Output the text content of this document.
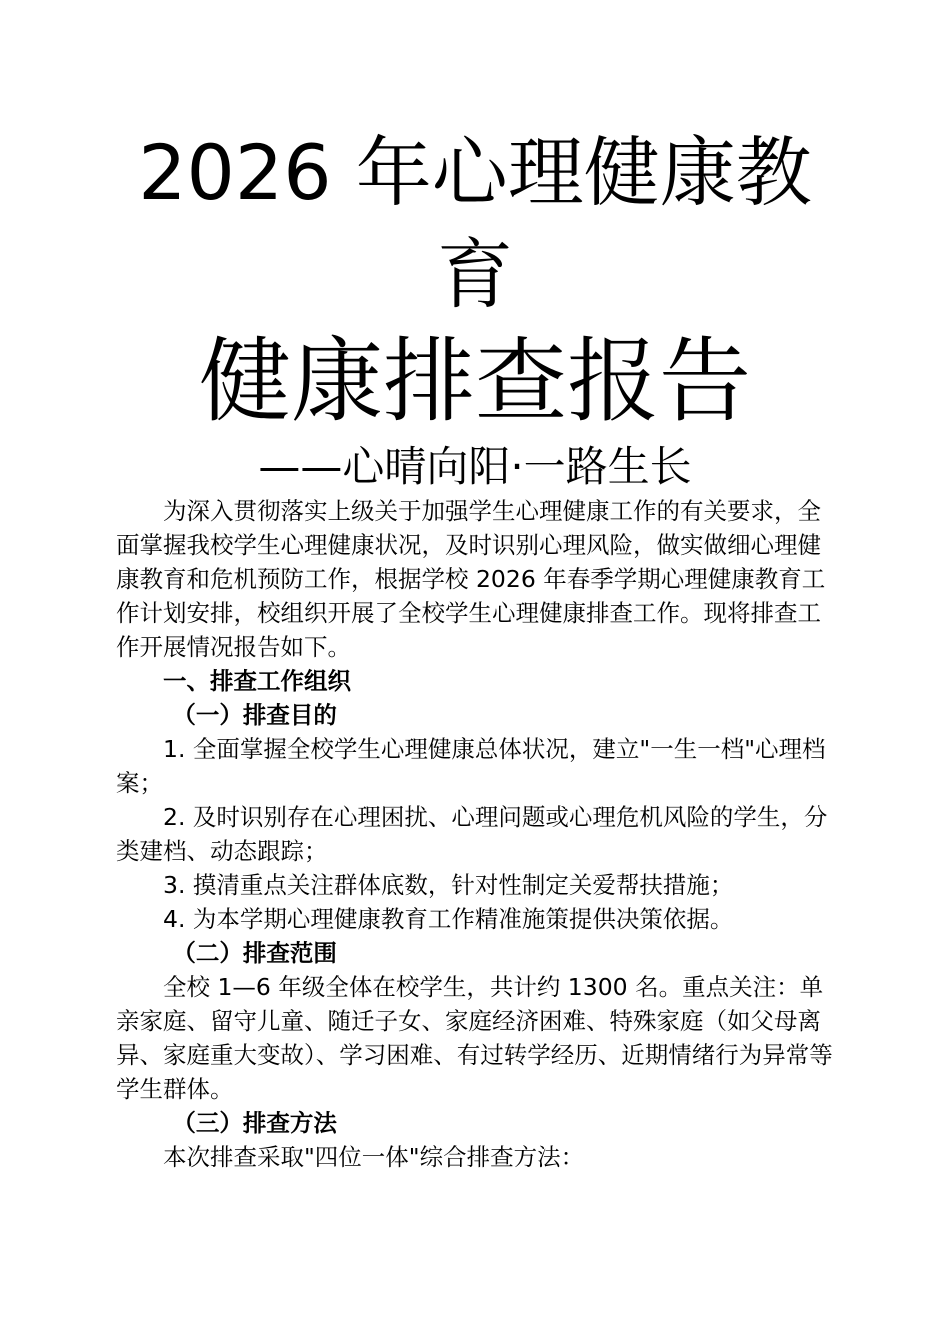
2026 年心理健康教
育
健康排查报告
——心晴向阳·一路生长

为深入贯彻落实上级关于加强学生心理健康工作的有关要求，全面掌握我校学生心理健康状况，及时识别心理风险，做实做细心理健康教育和危机预防工作，根据学校 2026 年春季学期心理健康教育工作计划安排，校组织开展了全校学生心理健康排查工作。现将排查工作开展情况报告如下。

一、排查工作组织

（一）排查目的

1. 全面掌握全校学生心理健康总体状况，建立"一生一档"心理档案；

2. 及时识别存在心理困扰、心理问题或心理危机风险的学生，分类建档、动态跟踪；

3. 摸清重点关注群体底数，针对性制定关爱帮扶措施；

4. 为本学期心理健康教育工作精准施策提供决策依据。

（二）排查范围

全校 1—6 年级全体在校学生，共计约 1300 名。重点关注：单亲家庭、留守儿童、随迁子女、家庭经济困难、特殊家庭（如父母离异、家庭重大变故）、学习困难、有过转学经历、近期情绪行为异常等学生群体。

（三）排查方法

本次排查采取"四位一体"综合排查方法：
